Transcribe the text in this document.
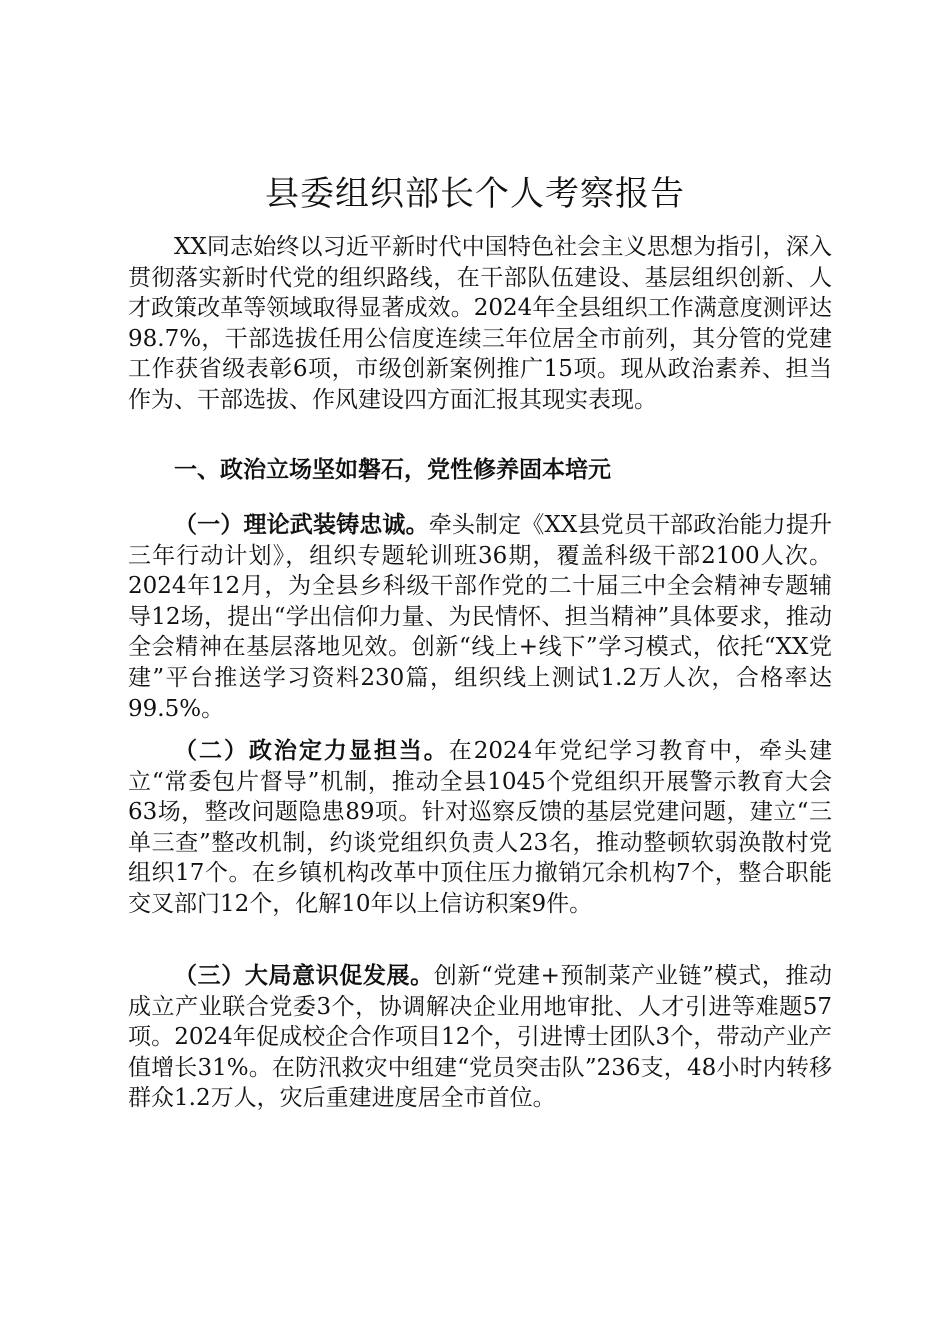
县委组织部长个人考察报告

XX同志始终以习近平新时代中国特色社会主义思想为指引，深入贯彻落实新时代党的组织路线，在干部队伍建设、基层组织创新、人才政策改革等领域取得显著成效。2024年全县组织工作满意度测评达98.7%，干部选拔任用公信度连续三年位居全市前列，其分管的党建工作获省级表彰6项，市级创新案例推广15项。现从政治素养、担当作为、干部选拔、作风建设四方面汇报其现实表现。

一、政治立场坚如磐石，党性修养固本培元

（一）理论武装铸忠诚。牵头制定《XX县党员干部政治能力提升三年行动计划》，组织专题轮训班36期，覆盖科级干部2100人次。2024年12月，为全县乡科级干部作党的二十届三中全会精神专题辅导12场，提出“学出信仰力量、为民情怀、担当精神”具体要求，推动全会精神在基层落地见效。创新“线上+线下”学习模式，依托“XX党建”平台推送学习资料230篇，组织线上测试1.2万人次，合格率达99.5%。

（二）政治定力显担当。在2024年党纪学习教育中，牵头建立“常委包片督导”机制，推动全县1045个党组织开展警示教育大会63场，整改问题隐患89项。针对巡察反馈的基层党建问题，建立“三单三查”整改机制，约谈党组织负责人23名，推动整顿软弱涣散村党组织17个。在乡镇机构改革中顶住压力撤销冗余机构7个，整合职能交叉部门12个，化解10年以上信访积案9件。

（三）大局意识促发展。创新“党建+预制菜产业链”模式，推动成立产业联合党委3个，协调解决企业用地审批、人才引进等难题57项。2024年促成校企合作项目12个，引进博士团队3个，带动产业产值增长31%。在防汛救灾中组建“党员突击队”236支，48小时内转移群众1.2万人，灾后重建进度居全市首位。
